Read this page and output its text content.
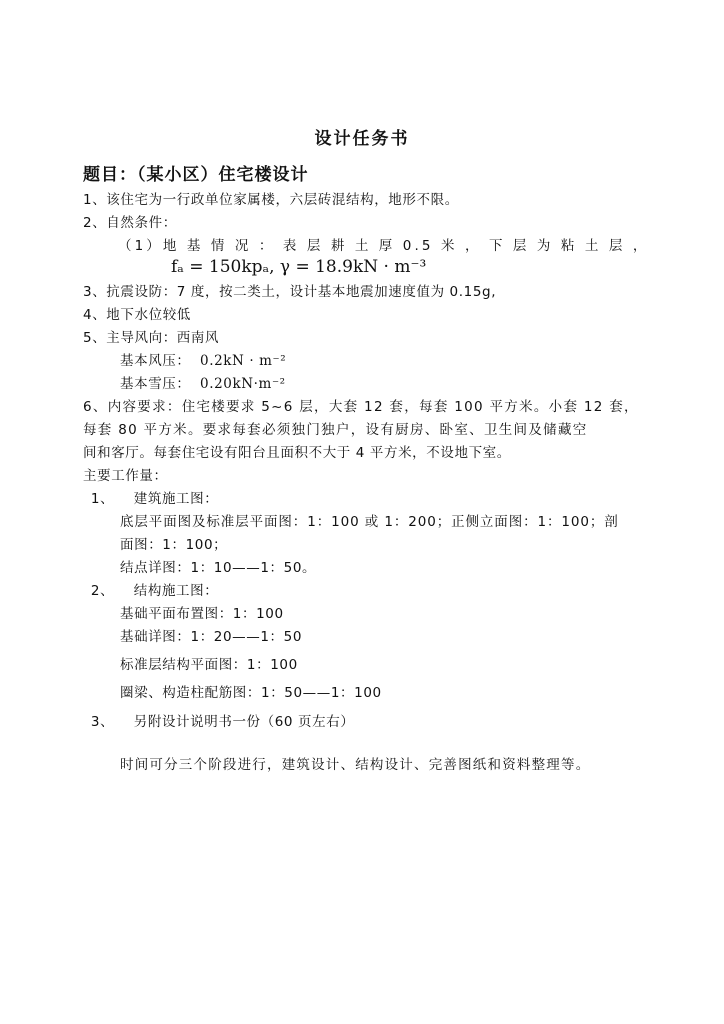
设计任务书
题目：（某小区）住宅楼设计
1、该住宅为一行政单位家属楼，六层砖混结构，地形不限。
2、自然条件：
（1）地 基 情 况 ： 表 层 耕 土 厚 0.5 米 ， 下 层 为 粘 土 层 ，
fₐ = 150kpₐ, γ = 18.9kN · m⁻³
3、抗震设防：7 度，按二类土，设计基本地震加速度值为 0.15g,
4、地下水位较低
5、主导风向：西南风
基本风压： 0.2kN · m⁻²
基本雪压： 0.20kN·m⁻²
6、内容要求：住宅楼要求 5~6 层，大套 12 套，每套 100 平方米。小套 12 套，
每套 80 平方米。要求每套必须独门独户，设有厨房、卧室、卫生间及储藏空
间和客厅。每套住宅设有阳台且面积不大于 4 平方米，不设地下室。
主要工作量：
1、    建筑施工图：
底层平面图及标准层平面图：1：100 或 1：200；正侧立面图：1：100；剖
面图：1：100；
结点详图：1：10——1：50。
2、    结构施工图：
基础平面布置图：1：100
基础详图：1：20——1：50
标准层结构平面图：1：100
圈梁、构造柱配筋图：1：50——1：100
3、    另附设计说明书一份（60 页左右）
时间可分三个阶段进行，建筑设计、结构设计、完善图纸和资料整理等。
